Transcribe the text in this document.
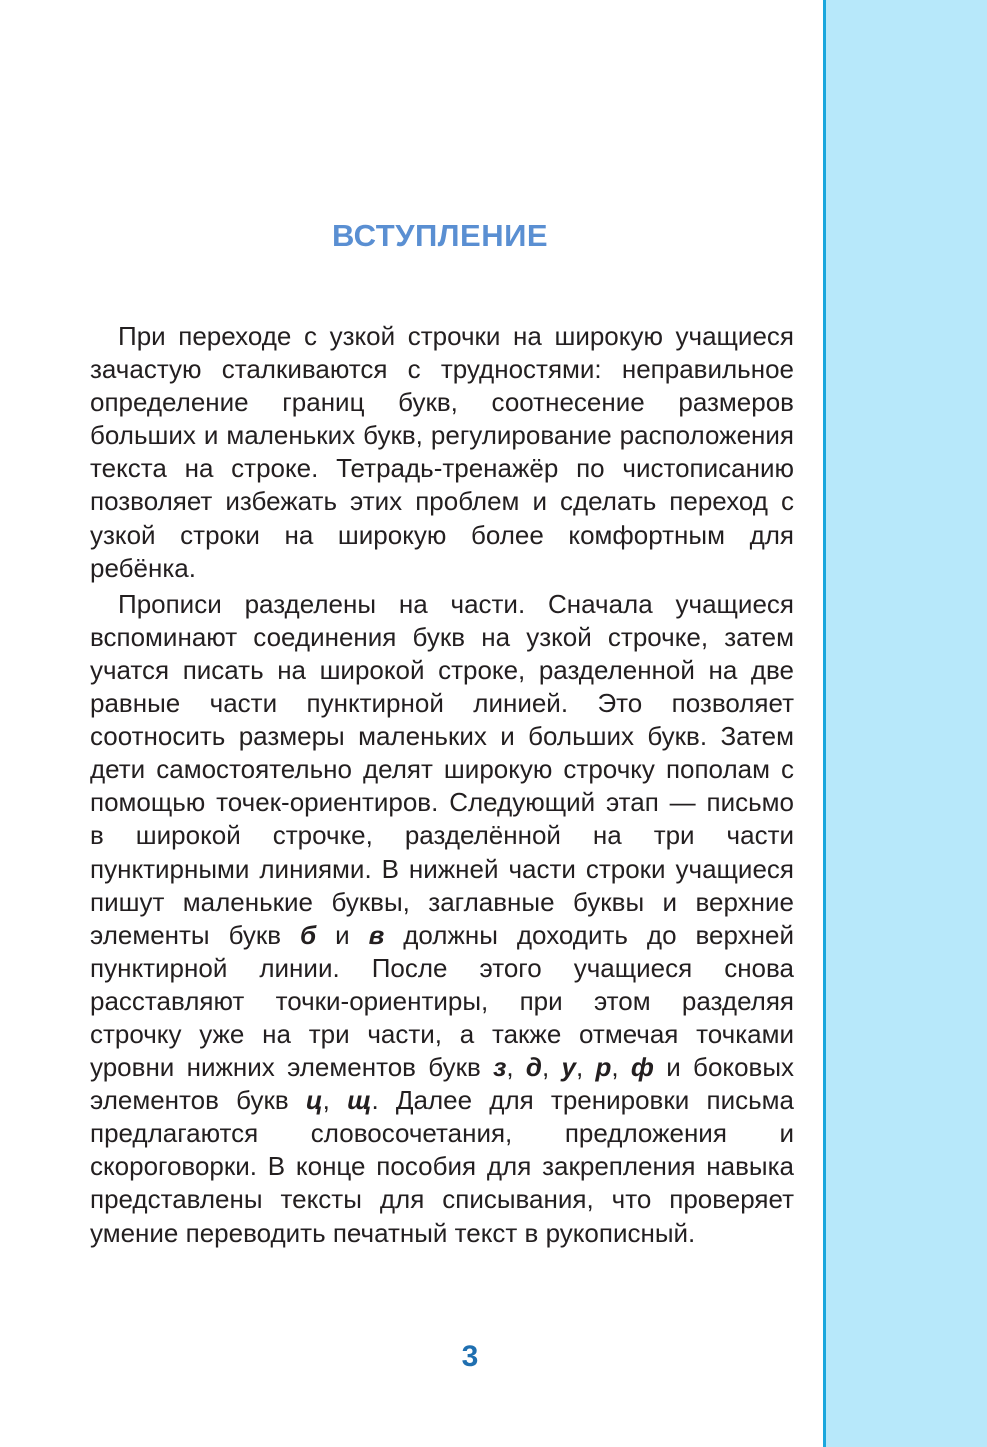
ВСТУПЛЕНИЕ

При переходе с узкой строчки на широкую учащиеся зачастую сталкиваются с трудностями: неправильное определение границ букв, соотнесение размеров больших и маленьких букв, регулирование расположения текста на строке. Тетрадь-тренажёр по чистописанию позволяет избежать этих проблем и сделать переход с узкой строки на широкую более комфортным для ребёнка.

Прописи разделены на части. Сначала учащиеся вспоминают соединения букв на узкой строчке, затем учатся писать на широкой строке, разделенной на две равные части пунктирной линией. Это позволяет соотносить размеры маленьких и больших букв. Затем дети самостоятельно делят широкую строчку пополам с помощью точек-ориентиров. Следующий этап — письмо в широкой строчке, разделённой на три части пунктирными линиями. В нижней части строки учащиеся пишут маленькие буквы, заглавные буквы и верхние элементы букв б и в должны доходить до верхней пунктирной линии. После этого учащиеся снова расставляют точки-ориентиры, при этом разделяя строчку уже на три части, а также отмечая точками уровни нижних элементов букв з, д, у, р, ф и боковых элементов букв ц, щ. Далее для тренировки письма предлагаются словосочетания, предложения и скороговорки. В конце пособия для закрепления навыка представлены тексты для списывания, что проверяет умение переводить печатный текст в рукописный.

3
